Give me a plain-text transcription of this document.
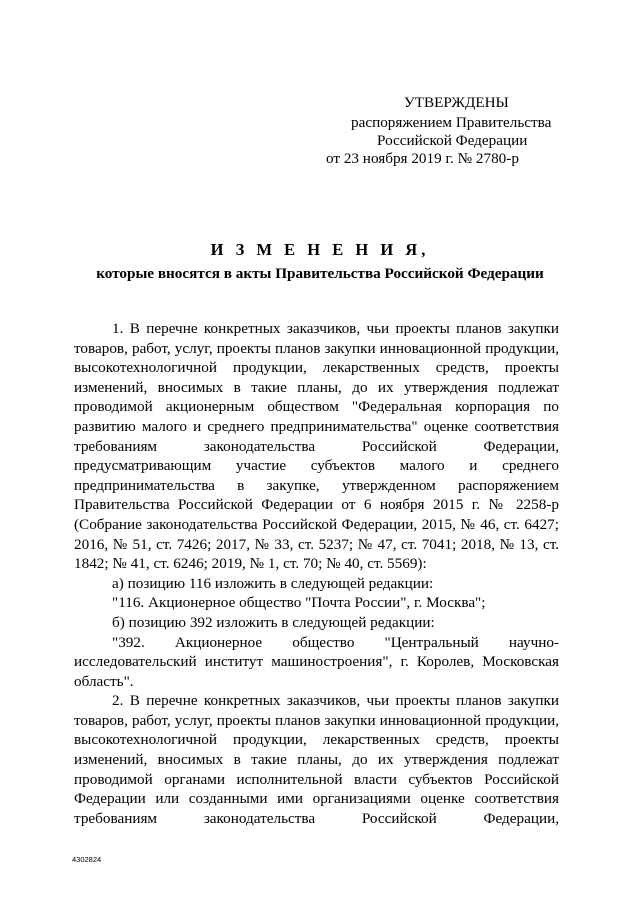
УТВЕРЖДЕНЫ
распоряжением Правительства
Российской Федерации
от 23 ноября 2019 г. № 2780-р
И З М Е Н Е Н И Я,
которые вносятся в акты Правительства Российской Федерации

1. В перечне конкретных заказчиков, чьи проекты планов закупки товаров, работ, услуг, проекты планов закупки инновационной продукции, высокотехнологичной продукции, лекарственных средств, проекты изменений, вносимых в такие планы, до их утверждения подлежат проводимой акционерным обществом "Федеральная корпорация по развитию малого и среднего предпринимательства" оценке соответствия требованиям законодательства Российской Федерации, предусматривающим участие субъектов малого и среднего предпринимательства в закупке, утвержденном распоряжением Правительства Российской Федерации от 6 ноября 2015 г. № 2258-р (Собрание законодательства Российской Федерации, 2015, № 46, ст. 6427; 2016, № 51, ст. 7426; 2017, № 33, ст. 5237; № 47, ст. 7041; 2018, № 13, ст. 1842; № 41, ст. 6246; 2019, № 1, ст. 70; № 40, ст. 5569):

а) позицию 116 изложить в следующей редакции:

"116. Акционерное общество "Почта России", г. Москва";

б) позицию 392 изложить в следующей редакции:

"392. Акционерное общество "Центральный научно-исследовательский институт машиностроения", г. Королев, Московская область".

2. В перечне конкретных заказчиков, чьи проекты планов закупки товаров, работ, услуг, проекты планов закупки инновационной продукции, высокотехнологичной продукции, лекарственных средств, проекты изменений, вносимых в такие планы, до их утверждения подлежат проводимой органами исполнительной власти субъектов Российской Федерации или созданными ими организациями оценке соответствия требованиям законодательства Российской Федерации,

4302824
